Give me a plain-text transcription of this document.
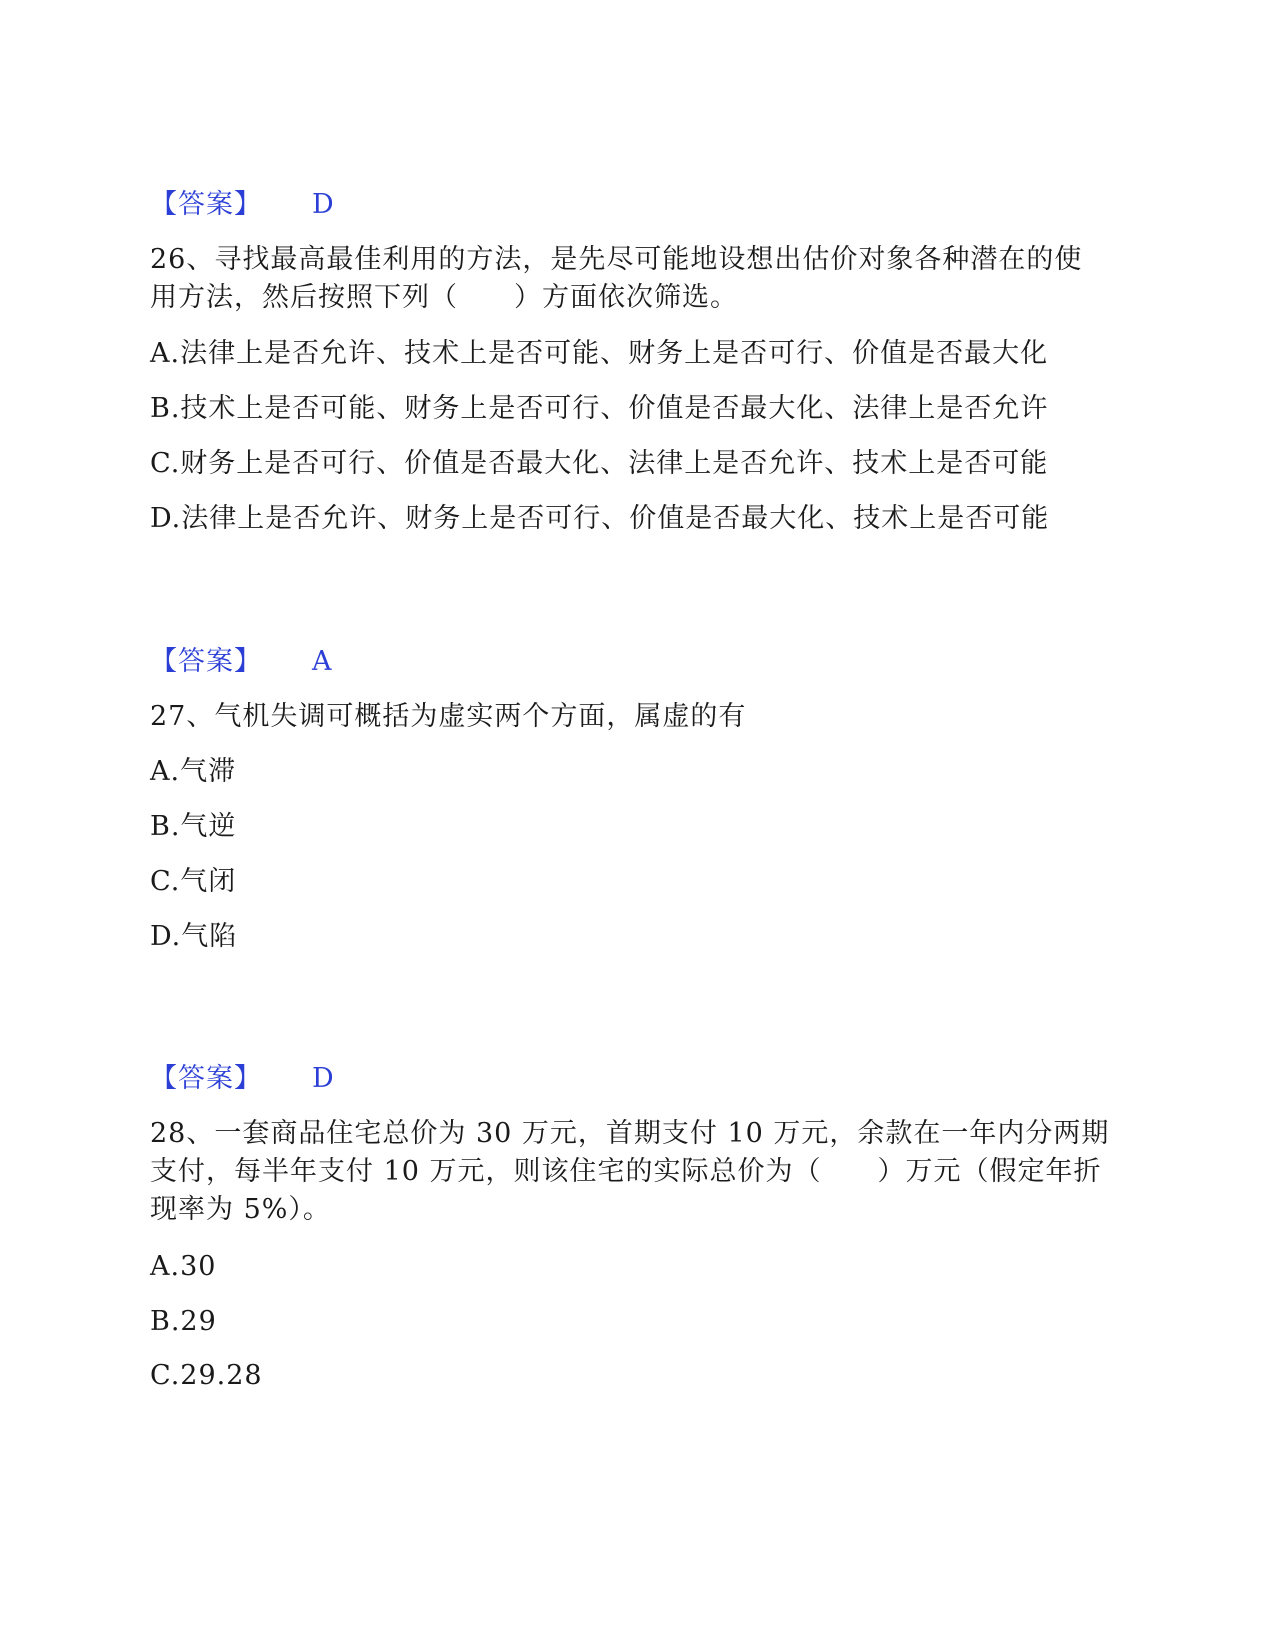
【答案】 D
26、寻找最高最佳利用的方法，是先尽可能地设想出估价对象各种潜在的使
用方法，然后按照下列（　　）方面依次筛选。
A.法律上是否允许、技术上是否可能、财务上是否可行、价值是否最大化
B.技术上是否可能、财务上是否可行、价值是否最大化、法律上是否允许
C.财务上是否可行、价值是否最大化、法律上是否允许、技术上是否可能
D.法律上是否允许、财务上是否可行、价值是否最大化、技术上是否可能
【答案】 A
27、气机失调可概括为虚实两个方面，属虚的有
A.气滞
B.气逆
C.气闭
D.气陷
【答案】 D
28、一套商品住宅总价为 30 万元，首期支付 10 万元，余款在一年内分两期
支付，每半年支付 10 万元，则该住宅的实际总价为（　　）万元（假定年折
现率为 5%）。
A.30
B.29
C.29.28
